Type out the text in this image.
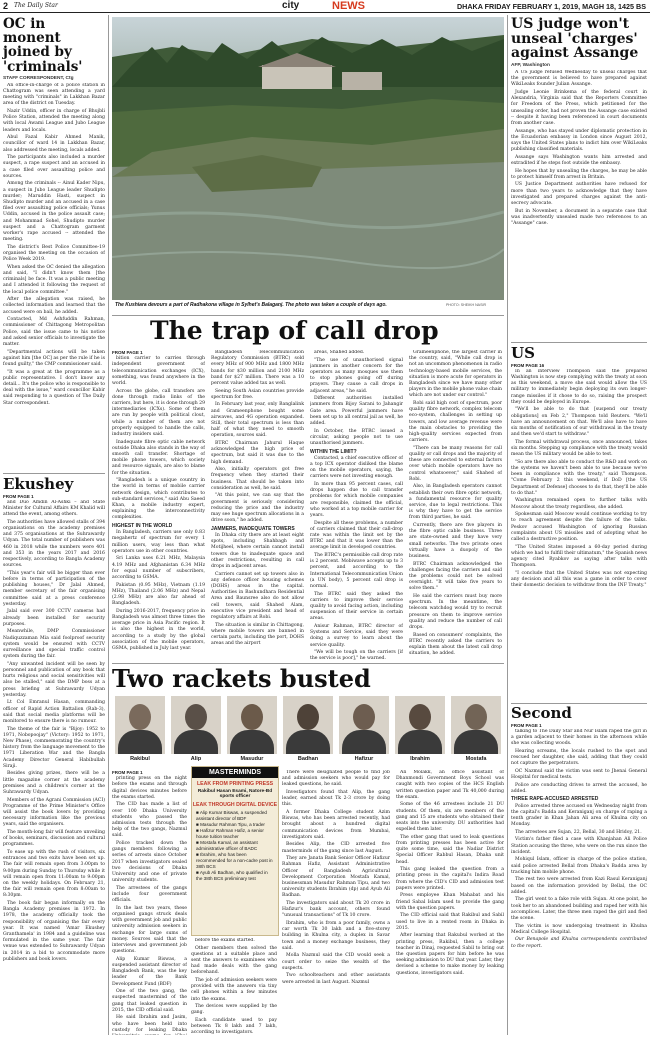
2 The Daily Star	city	NEWS	DHAKA FRIDAY FEBRUARY 1, 2019, MAGH 18, 1425 BS
OC in monent joined by 'criminals'
STAFF CORRESPONDENT, Ctg

An office-in-charge of a police station in Chattogram was seen attending a yard meeting with "criminals" in Lakkhan Bazar area of the district on Tuesday.

Nazir Uddin, officer in charge of Bhujbli Police Station, attended the meeting along with local Awami League and Jubo League leaders and locals.

Abul Fazal Kabir Ahmed Manik, councillor of ward 14 in Lakkhan Bazar, also addressed the meeting, locals added.

The participants also included a murder suspect, a rape suspect and an accused in a case filed over assaulting police and sources.

Among the criminals -- Ainul Kader Nipu, a suspect in Jubo League leader Shudipto murder; Maruddin Hasti, suspect in Shudipto murder and an accused in a case filed over assaulting police officials; Yunus Uddin, accused in the police assault case; and Mohammad Sohel, Shudipto murder suspect and a Chattogram garment worker's rape accused -- attended the meeting.

The district's Best Police Committee-19 organised the meeting on the occasion of Police Week 2019.

When asked the OC denied the allegation and said, "I didn't know them [the criminals] be face. It was a public meeting and I attended it following the request of the local police committee."

After the allegation was raised, he collected information and learned that the accused were on bail, he added.

Contacted, Md Ashfuddin Rahman, commissioner of Chittagong Metropolitan Police, said the issue came to his notice and asked senior officials to investigate the matter.

"Departmental actions will be taken against him [the OC] as per the rule if he is found guilty," the CMP commissioner said.

"It was a great at the programme as a public representative. I don't know any detail... It's the police who is responsible to deal with the issue," ward councillor Kabir said responding to a question of The Daily Star correspondent.

Ekushey
FROM PAGE 1

and Duo Amdin Al-Ashki – and State Minister for Cultural Affairs KM Khalid will attend the event, among others.

The authorities have allowed stalls of 394 organisations on the academy premises and 375 organisations at the Suhrawardy Udyan. The total number of publishers was 460 in 2018 while the numbers were 401 and 353 in the years 2017 and 2016 respectively, according to Bangla Academy sources.

"This year's fair will be bigger than ever before in terms of participation of the publishing houses," Dr Jalal Ahmed, member secretary of the fair organising committee said at a press conference yesterday.

Jalal said over 300 CCTV cameras had already been installed for security purposes.

Meanwhile, DMP Commissioner Nadiquzzaman Mia said foolproof security system would be ensured with CCTV surveillance and special traffic control system during the fair.

"Any unwanted incident will be seen by personnel and publication of any book that hurts religious and social sensitivities will also be stalled," said the DMP boss at a press briefing at Suhrawardy Udyan yesterday.

Lt Col Emranul Hasan, commanding officer of Rapid Action Battalion (Rab-3), said that social media platforms will be monitored to ensure there is no rumour.

The theme of the fair is "Bijoy: 1952 to 1971, Nobopoojay" (Victory: 1952 to 1971, New Phase), commemorating the country's history from the language movement to the 1971 Liberation War and the Bangla Academy Director General Habibullah Siraji.

Besides giving prizes, there will be a little magazine corner at the academy premises and a children's corner at the Suhrawardy Udyan.

Members of the Agrani Commission (ACI) Programme of the Prime Minister's Office will assist the book lovers by providing necessary information like the previous years, said the organisers.

The month-long fair will feature unveiling of books, seminars, discussion and cultural programmes.

To ease up with the rush of visitors, six entrances and two exits have been set up. The fair will remain open from 3:00pm to 9:00pm during Sunday to Thursday while it will remain open from 11:00am to 9:00pm on the weekly holidays. On February 21, the fair will remain open from 8:00am to 8:30pm.

The book fair began informally on the Bangla Academy premises in 1972. In 1978, the academy officially took the responsibility of organising the fair every year. It was named 'Amar Ekushey Granthamela' in 1984 and a guideline was formulated in the same year. The fair venue was extended to Suhrawardy Udyan in 2014 in a bid to accommodate more publishers and book lovers.

The Kushiara devours a part of Radhakona village in Sylhet's Balaganj. The photo was taken a couple of days ago.	PHOTO: SHEIKH NASIR
The trap of call drop
FROM PAGE 1

bition carrier to carries through independent government of telecommunication exchanges (ICX), something, was found anywhere in the world.

Across the globe, call transfers are done through radio links of the carriers, but here, it is done through 29 intermediaries (ICXs). Some of them are run by people with political clout, while a number of them are not properly equipped to handle the calls, industry insiders said.

Inadequate fibre optic cable network outside Dhaka also stands in the way of smooth call transfer. Shortage of mobile phone towers, which society and resource signals, are also to blame for the situation.

"Bangladesh is a unique country in the world in terms of mobile carrier network design, which contributes to sub-standard services," said Abu Saeed Khan, a mobile industry expert, explaining the interconnectivity complexities.

HIGHEST IN THE WORLD

In Bangladesh, carriers use only 0.83 megahertz of spectrum for every 1 million users, way less than what operators use in other countries.

Sri Lanka uses 6.21 MHz, Malaysia 4.19 MHz and Afghanistan 6.34 MHz for equal number of subscribers, according to GSMA.

Pakistan (0.95 MHz), Vietnam (1.19 MHz), Thailand (2.06 MHz) and Nepal (2.98 MHz) are also far ahead of Bangladesh.

During 2016-2017, frequency price in Bangladesh was almost three times the average price in Asia Pacific region. It is also the highest in the world, according to a study by the global association of the mobile operators, GSMA, published in July last year.

Bangladesh Telecommunication Regulatory Commission (BTRC) sold every MHz of 900 MHz and 1800 MHz bands for $30 million and 2100 MHz band for $27 million. There was a 10 percent value added tax as well.

Seeing South Asian countries provide spectrum for free.

In February last year, only Banglalink and Grameenphone bought some airwaves, and 4G operation expanded. Still, their total spectrum is less than half of what they need to smooth operation, sources said.

BTRC Chairman Jahurul Haque acknowledged the high price of spectrum, but said it was due to the high demand.

Also, initially operators got free frequency when they started their business. That should be taken into consideration as well, he said.

"At this point, we can say that the government is seriously considering reducing the price and the industry may see huge spectrum allocations in a drive soon," he added.

JAMMERS, INADEQUATE TOWERS

In Dhaka city there are at least eight spots, including Shahbagh and Motijheel, where certain cannot install towers due to inadequate space and other restrictions, resulting in call drops in adjacent areas.

Carriers cannot set up towers also in any defence officer housing schemes (DOHS) areas in the capital. Authorities in Bashundhara Residential Area and Baunsree also do not allow cell towers, said Shahed Alam, executive vice president and head of regulatory affairs at Robi.

The situation is similar in Chittagong, where mobile towers are banned in certain parts, including the port, DOHS areas and the airport

areas, Shahed added.

"The use of unauthorised signal jammers in another concern for the operators as many mosques use them to stop phones going off during prayers. They cause a call drops in adjacent areas," he said.

Different authorities installed jammers from Bijoy Sarani to Jahangir Gate area. Powerful jammers have been set up to all central jail as well, he added.

In October, the BTRC issued a circular, asking people not to use unauthorised jammers.

WITHIN THE LIMIT?

Contacted, a chief executive officer of a top ICX operator disliked the blame on the mobile operators, saying, the carriers were not investing enough.

In more than 95 percent cases, call drops happen due to call transfer problems for which mobile companies are responsible, claimed the official, who worked at a top mobile carrier for years.

Despite all these problems, a number of carriers claimed that their call-drop rate was within the limit set by the BTRC and that it was lower than the average limit in developed countries.

The BTRC's permissible call drop rate is 2 percent. Mobiwave accepts up to 3 percent, and according to the International Telecommunication Union (a UN body), 5 percent call drop is normal.

The BTRC said they asked the carriers to improve their service quality to avoid facing action, including suspension of their service in certain areas.

Anisur Rahman, BTRC director of Systems and Service, said they were doing a survey to learn about the service quality.

"We will be tough on the carriers [if the service is poor]," he warned.

Grameenphone, the largest carrier in the country, said, "While call drop is not an uncommon phenomenon in radio technology-based mobile services, the situation is more acute for operators in Bangladesh since we have many other players in the mobile phone value chain which are not under our control."

Robi said high cost of spectrum, poor quality fibre network, complex telecom eco-system, challenges in setting up towers, and low average revenue were the main obstacles to providing the high-quality services expected from carriers.

"There can be many reasons for call quality or call drops and the majority of these are connected to external factors over which mobile operators have no control whatsoever," said Shahed of Robi.

Also, in Bangladesh operators cannot establish their own fibre optic network, a fundamental resource for quality service, due to legal restrictions. This is why they have to get the service from third parties, he said.

Currently, there are five players in the fibre optic cable business. Three are state-owned and they have very small networks. The two private ones virtually have a duopoly of the business.

BTRC Chairman acknowledged the challenges facing the carriers and said the problems could not be solved overnight. "It will take five years to solve them."

He said the carriers must buy more spectrum. In the meantime, the telecom watchdog would try to recruit pressure on them to improve service quality and reduce the number of call drops.

Based on consumers' complaints, the BTRC recently asked the carriers to explain them about the latest call drop situation, he added.

Two rackets busted
Rakibul	Alip	Masudur	Badhan	Hafizur	Ibrahim	Mostafa
FROM PAGE 1

printing press on the night before the exams and through digital devices minutes before the exams started.

The CID has made a list of over 100 Dhaka University students who passed the admission tests through the help of the two gangs, Nazmul said.

Police tracked down the gangs members following a series of arrests since October 2017 when investigators sealed two decisions of Dhaka University and one of private university students.

The arrestees of the gangs include four government officials.

In the last two years, these organised gangs struck deals with government job and public university admission seekers in exchange for large sums of money. Sources said that the interviews and government job questions.

Alip Kumar Biswas, a suspended assistant director of Bangladesh Bank, was the key leader of the Bank Development Fund (BDF)

One of the two gang, the suspected mastermind of the gang that leaked question in 2015, the CID official said.

He said Ibrahim and Jasim, who have been held into custody for leaking Dhaka

MASTERMINDS
LEAK FROM PRINTING PRESS
Rakibul Hasan Esami, Natore-Bd sports officer
LEAK THROUGH DIGITAL DEVICE
■ Alip Kumar Biswas, a suspended assistant director of BDF
■ Masudur Rahman Tipu, a trader
■ Hafizur Rahman Hafiz, a senior house tuition teacher
■ Mostafa Kamal, an assistant administrative officer of BADC
■ Ibrahim, who has been recommended for a non-cadre post in 38th BCS
■ Ayub Ali Badhan, who qualified in the 38th BCS preliminary test

before the exams started.

Other members then solved the questions at a suitable place and sent the answers to examinees who had made deals with the gang beforehand.

The job of admission seekers were provided with the answers via tiny cell phones within a few minutes into the exams.

The devices were supplied by the gang.

Each candidate used to pay between Tk 8 lakh and 7 lakh, according to investigators.

There were designated people to find job and admission seekers who would pay for leaked questions, he said.

Investigators found that Alip, the gang leader, earned about Tk 2-3 crore by doing this.

A former Dhaka College student Azim Biswas, who has been arrested recently, had brought about a hundred digital communication devices from Mumbai, investigators said.

Besides Alip, the CID arrested five masterminds of the gang since last August.

They are Janata Bank Senior Officer Hafizur Rahman Hafiz, Assistant Administrative Officer of Bangladesh Agricultural Development Corporation Mostafa Kamal, businessman Masudur Rahman Tipu, and two university students Ibrahim (dp) and Ayub Ali Badhan.

The investigators said about Tk 20 crore in Hafizur's bank account, others found "unusual transactions" of Tk 10 crore.

Ibrahim, who is from a poor family, owns a car worth Tk 30 lakh and a five-storey building in Khulna city, a duplex in Savar town and a money exchange business, they said.

Molla Nazmul said the CID would seek a court order to seize the wealth of the suspects.

Two schoolteachers and other assistants were arrested in last August. Nazmul

Ali Molakk, an office assistant of Dhanmondi Government Boys School was caught with two copies of the HCS English written question paper and Tk 40,000 during the exam.

Some of the 46 arrestees include 21 DU students. Of them, six are members of the gang and 15 are students who obtained their seats into the university. DU authorities had expelled them later.

The other gang that used to leak questions from printing presses has been active for quite some time, said the Nadiar District Special Officer Rabbul Hasan, Dhaka unit head.

This gang leaked the question from a printing press in the capital's Indira Road from where the CID's CID and admission test papers were printed.

Press employee Khan Mahabat and his friend Sabal Islam used to provide the gang with the question papers.

The CID official said that Rakibul and Sabil used to live in a rented room in Dhaka in 2015.

After learning that Rakubul worked at the printing press, Rakibul, then a college teacher in Dinaj, requested Sabil to bring out the question papers for him before he was seeking admission to DU that year. Later, they devised a scheme to make money by leaking questions, investigators said.

US judge won't unseal 'charges' against Assange
AFP, Washington

A US judge refused Wednesday to unseal charges that the government is believed to have prepared against WikiLeaks founder Julian Assange.

Judge Leonie Brinkema of the federal court in Alexandria, Virginia said that the Reporters Committee for Freedom of the Press, which petitioned for the unsealing order, had not proven the Assange case existed -- despite it having been referenced in court documents from another case.

Assange, who has stayed under diplomatic protection in the Ecuadorian embassy in London since August 2012, says the United States plans to indict him over WikiLeaks publishing classified materials.

Assange says Washington wants him arrested and extradited if he steps foot outside the embassy.

He hopes that by unsealing the charges, he may be able to protect himself from arrest in Britain.

US Justice Department authorities have refused for more than two years to acknowledge that they have investigated and prepared charges against the anti-secrecy advocate.

But in November, a document in a separate case that was inadvertently unsealed made two references to an "Assange" case.

US
FROM PAGE 16

In an interview Thompson said the prepared Washington is now step complying with the treaty at soon as this weekend, a move she said would allow the US military to immediately begin deploying its own longer-range missiles if it chose to do so, raising the prospect they could be deployed in Europe.

"We'll be able to do that [suspend our treaty obligations] on Feb 2," Thompson told Reuters. "We'll have an announcement on that. We'll also have to have six months of notification of our withdrawal in the treaty and then we'd start to withdraw."

The formal withdrawal process, once announced, takes six months. Stepping up compliance with the treaty would mean the US military would be able to test.

"So are there also able to conduct the R&D and work on the systems we haven't been able to use because we've been in compliance with the treaty," said Thompson. "Come February 2 this weekend, if DoD [the US Department of Defense] chooses to do that, they'll be able to do that."

Washington remained open to further talks with Moscow about the treaty regardless, she added.

Spokesman said Moscow would continue working to try to reach agreement despite the failure of the talks. Peskov accused Washington of ignoring Russian complaints about US missiles and of adopting what he called a destructive position.

"The United States imposed a 60-day period during which we had to fulfill their ultimatum," the Spanish news agency cited Ryabkov as saying after talks with Thompson.

"I conclude that the United States was not expecting any decision and all this was a game in order to cover their domestic decision to withdraw from the INF Treaty."

Second
FROM PAGE 1

talking to The Daily Star and Nur Islam raped the girl in a garden adjacent to their homes in the afternoon while she was collecting woods.

Hearing screams, the locals rushed to the spot and rescued her daughter, she said, adding that they could not capture the perpetrators.

OC Nazmul said the victim was sent to Jhenai General Hospital for medical tests.

Police are conducting drives to arrest the accused, he added.

THREE RAPE-ACCUSED ARRESTED

Police arrested three accused on Wednesday night from the capital's Badda and Keraniganj on charge of raping a tenth grader in Khan Jahan Ali area of Khulna city on Monday.

The arrestees are Sujan, 22, Bellal, 30 and Hridoy, 21.

Victim's father filed a case with Khanjahan Ali Police Station accusing the three, who were on the run since the incident.

Mohiqul Islam, officer in charge of the police station, said police arrested Bellal from Dhaka's Badda area by tracking him mobile phone.

The rest two were arrested from Kazi Rasul Keraniganj based on the information provided by Bellal, the OC added.

The girl went to a fake role with Sujan. At one point, he took her to an abandoned building and raped her with his accomplices. Later, the three men raped the girl and fled the scene.

The victim is now undergoing treatment in Khulna Medical College Hospital.

Our Benapole and Khulna correspondents contributed to the report.
